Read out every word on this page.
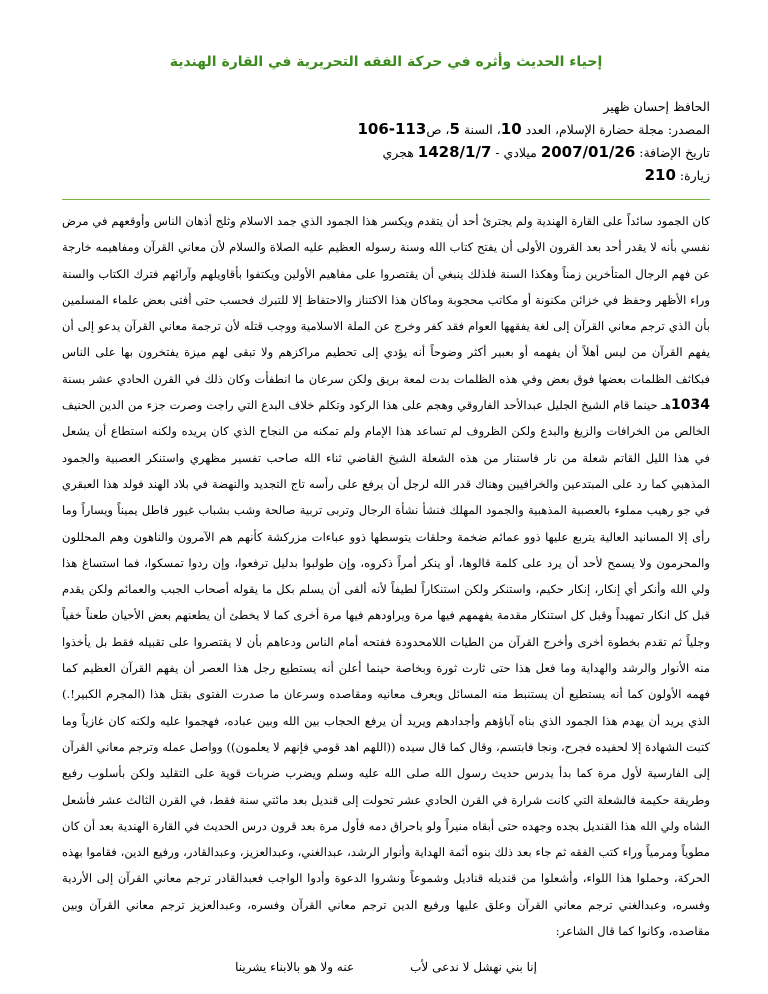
إحياء الحديث وأثره في حركة الفقه التحريرية في القارة الهندية
الحافظ إحسان ظهير
المصدر: مجلة حضارة الإسلام، العدد 10، السنة 5، ص113-106
تاريخ الإضافة: 2007/01/26 ميلادي - 1428/1/7 هجري
زيارة: 210

كان الجمود سائداً على القارة الهندية ولم يجترئ أحد أن يتقدم ويكسر هذا الجمود الذي جمد الاسلام وثلج أذهان الناس وأوقعهم في مرض نفسي بأنه لا يقدر أحد بعد القرون الأولى أن يفتح كتاب الله وسنة رسوله العظيم عليه الصلاة والسلام لأن معاني القرآن ومفاهيمه خارجة عن فهم الرجال المتأخرين زمناً وهكذا السنة فلذلك ينبغي أن يقتصروا على مفاهيم الأولين ويكتفوا بأقاويلهم وآرائهم فترك الكتاب والسنة وراء الأظهر وحفظ في خزائن مكنونة أو مكاتب محجوبة وماكان هذا الاكتناز والاحتفاظ إلا للتبرك فحسب حتى أفتى بعض علماء المسلمين بأن الذي ترجم معاني القرآن إلى لغة يفقهها العوام فقد كفر وخرج عن الملة الاسلامية ووجب قتله لأن ترجمة معاني القرآن يدعو إلى أن يفهم القرآن من ليس أهلاً أن يفهمه أو بعبير أكثر وضوحاً أنه يؤدي إلى تحطيم مراكزهم ولا تبقى لهم ميزة يفتخرون بها على الناس فبكاثف الظلمات بعضها فوق بعض وفي هذه الظلمات بدت لمعة بريق ولكن سرعان ما انطفأت وكان ذلك في القرن الحادي عشر بسنة 1034هـ حينما قام الشيخ الجليل عبدالأحد الفاروقي وهجم على هذا الركود وتكلم خلاف البدع التي راجت وصرت جزء من الدين الحنيف الخالص من الخرافات والزيغ والبدع ولكن الظروف لم تساعد هذا الإمام ولم تمكنه من النجاح الذي كان يريده ولكنه استطاع أن يشعل في هذا الليل القاتم شعلة من نار فاستنار من هذه الشعلة الشيخ القاضي ثناء الله صاحب تفسير مظهري واستنكر العصبية والجمود المذهبي كما رد على المبتدعين والخرافيين وهناك قدر الله لرجل أن يرفع على رأسه تاج التجديد والنهضة في بلاد الهند فولد هذا العبقري في جو رهيب مملوء بالعصبية المذهبية والجمود المهلك فنشأ نشأة الرجال وتربى تربية صالحة وشب بشباب غيور فاطل يميناً ويساراً وما رأى إلا المسانيد العالية يتربع عليها ذوو عمائم ضخمة وحلقات يتوسطها ذوو عباءات مزركشة كأنهم هم الآمرون والناهون وهم المحللون والمحرمون ولا يسمح لأحد أن يرد على كلمة قالوها، أو ينكر أمراً ذكروه، وإن طولبوا بدليل ترفعوا، وإن ردوا تمسكوا، فما استساغ هذا ولي الله وأنكر أي إنكار، إنكار حكيم، واستنكر ولكن استنكاراً لطيفاً لأنه ألفى أن يسلم بكل ما يقوله أصحاب الجبب والعمائم ولكن يقدم قبل كل انكار تمهيداً وقبل كل استنكار مقدمة يفهمهم فيها مرة ويراودهم فيها مرة أخرى كما لا يخطئ أن يطعنهم بعض الأحيان طعناً خفياً وجلياً ثم تقدم بخطوة أخرى وأخرج القرآن من الطيات اللامحدودة ففتحه أمام الناس ودعاهم بأن لا يقتصروا على تقبيله فقط بل يأخذوا منه الأنوار والرشد والهداية وما فعل هذا حتى ثارت ثورة وبخاصة حينما أعلن أنه يستطيع رجل هذا العصر أن يفهم القرآن العظيم كما فهمه الأولون كما أنه يستطيع أن يستنبط منه المسائل ويعرف معانيه ومقاصده وسرعان ما صدرت الفتوى بقتل هذا (المجرم الكبير!.) الذي يريد أن يهدم هذا الجمود الذي بناه آباؤهم وأجدادهم ويريد أن يرفع الحجاب بين الله وبين عباده، فهجموا عليه ولكنه كان غازياً وما كتبت الشهادة إلا لحفيده فجرح، ونجا فابتسم، وقال كما قال سيده ((اللهم اهد قومي فإنهم لا يعلمون)) وواصل عمله وترجم معاني القرآن إلى الفارسية لأول مرة كما بدأ يدرس حديث رسول الله صلى الله عليه وسلم ويضرب ضربات قوية على التقليد ولكن بأسلوب رفيع وطريقة حكيمة فالشعلة التي كانت شرارة في القرن الحادي عشر تحولت إلى قنديل بعد مائتي سنة فقط، في القرن الثالث عشر فأشعل الشاه ولي الله هذا القنديل بجده وجهده حتى أبقاه منيراً ولو باحراق دمه فأول مرة بعد قرون درس الحديث في القارة الهندية بعد أن كان مطوياً ومرمياً وراء كتب الفقه ثم جاء بعد ذلك بنوه أئمة الهداية وأنوار الرشد، عبدالغني، وعبدالعزيز، وعبدالقادر، ورفيع الدين، فقاموا بهذه الحركة، وحملوا هذا اللواء، وأشعلوا من قنديله قناديل وشموعاً ونشروا الدعوة وأدوا الواجب فعبدالقادر ترجم معاني القرآن إلى الأردية وفسره، وعبدالغني ترجم معاني القرآن وعلق عليها ورفيع الدين ترجم معاني القرآن وفسره، وعبدالعزيز ترجم معاني القرآن وبين مقاصده، وكانوا كما قال الشاعر:

إنا بني نهشل لا ندعى لأب
عنه ولا هو بالابناء يشرينا
